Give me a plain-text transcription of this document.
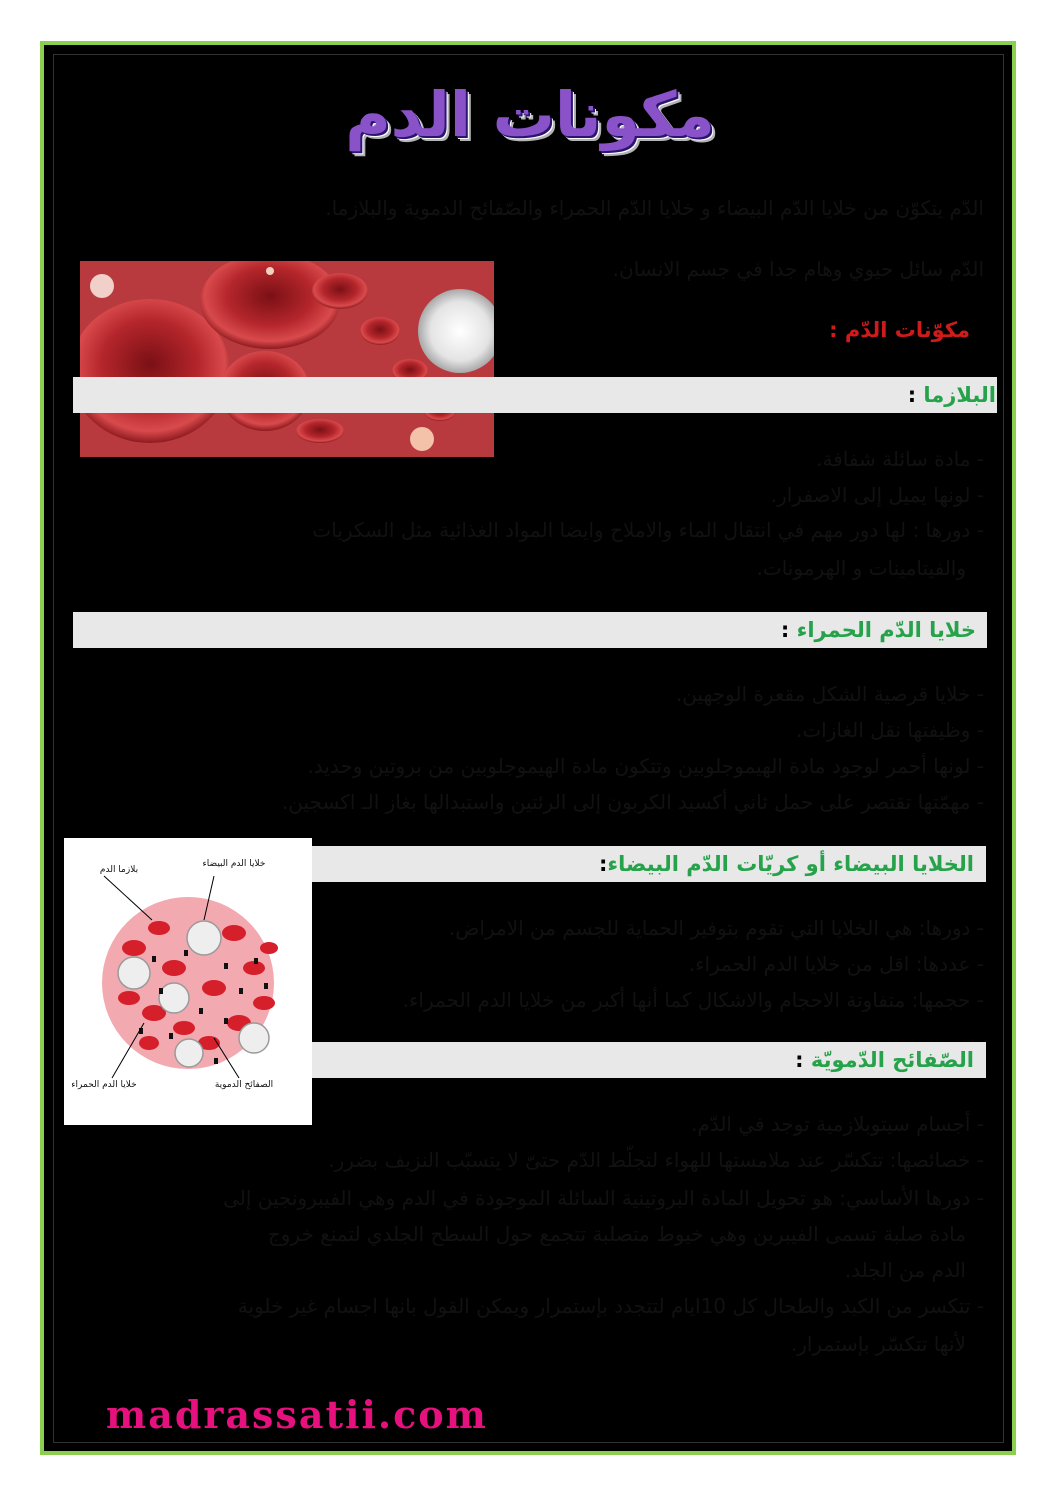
مكونات الدم
الدّم يتكوّن من خلايا الدّم البيضاء و خلايا الدّم الحمراء والصّفائح الدموية والبلازما.
الدّم سائل حيوي وهام جدا في جسم الانسان.
مكوّنات الدّم :
البلازما :
- مادة سائلة شفافة.
- لونها يميل إلى الاصفرار.
- دورها : لها دور مهم في انتقال الماء والاملاح وايضا المواد الغذائية مثل السكريات
والفيتامينات و الهرمونات.
خلايا الدّم الحمراء :
- خلايا قرصية الشكل مقعرة الوجهين.
- وظيفتها نقل الغازات.
- لونها أحمر لوجود مادة الهيموجلوبين وتتكون مادة الهيموجلوبين من بروتين وحديد.
- مهمّتها تقتصر على حمل ثاني أكسيد الكربون إلى الرئتين واستبدالها بغاز الـ اكسجين.
بلازما الدم
خلايا الدم البيضاء
خلايا الدم الحمراء	الصفائح الدموية
الخلايا البيضاء أو كريّات الدّم البيضاء:
- دورها: هي الخلايا التي تقوم بتوفير الحماية للجسم من الامراض.
- عددها: اقل من خلايا الدم الحمراء.
- حجمها: متفاوتة الاحجام والاشكال كما أنها أكبر من خلايا الدم الحمراء.
الصّفائح الدّمويّة :
- أجسام سيتوبلازمية توجد في الدّم.
- خصائصها: تتكسّر عند ملامستها للهواء لتجلّط الدّم حتىّ لا يتسبّب النزيف بضرر.
- دورها الأساسي: هو تحويل المادة البروتينية السائلة الموجودة في الدم وهي الفيبرونجين إلى
مادة صلبة تسمى الفيبرين وهي خيوط متصلبة تتجمع حول السطح الجلدي لتمنع خروج
الدم من الجلد.
- تتكسر من الكبد والطحال كل 10ايام لتتجدد بإستمرار ويمكن القول بانها اجسام غير خلوية
لأنها تتكسّر بإستمرار.
madrassatii.com
